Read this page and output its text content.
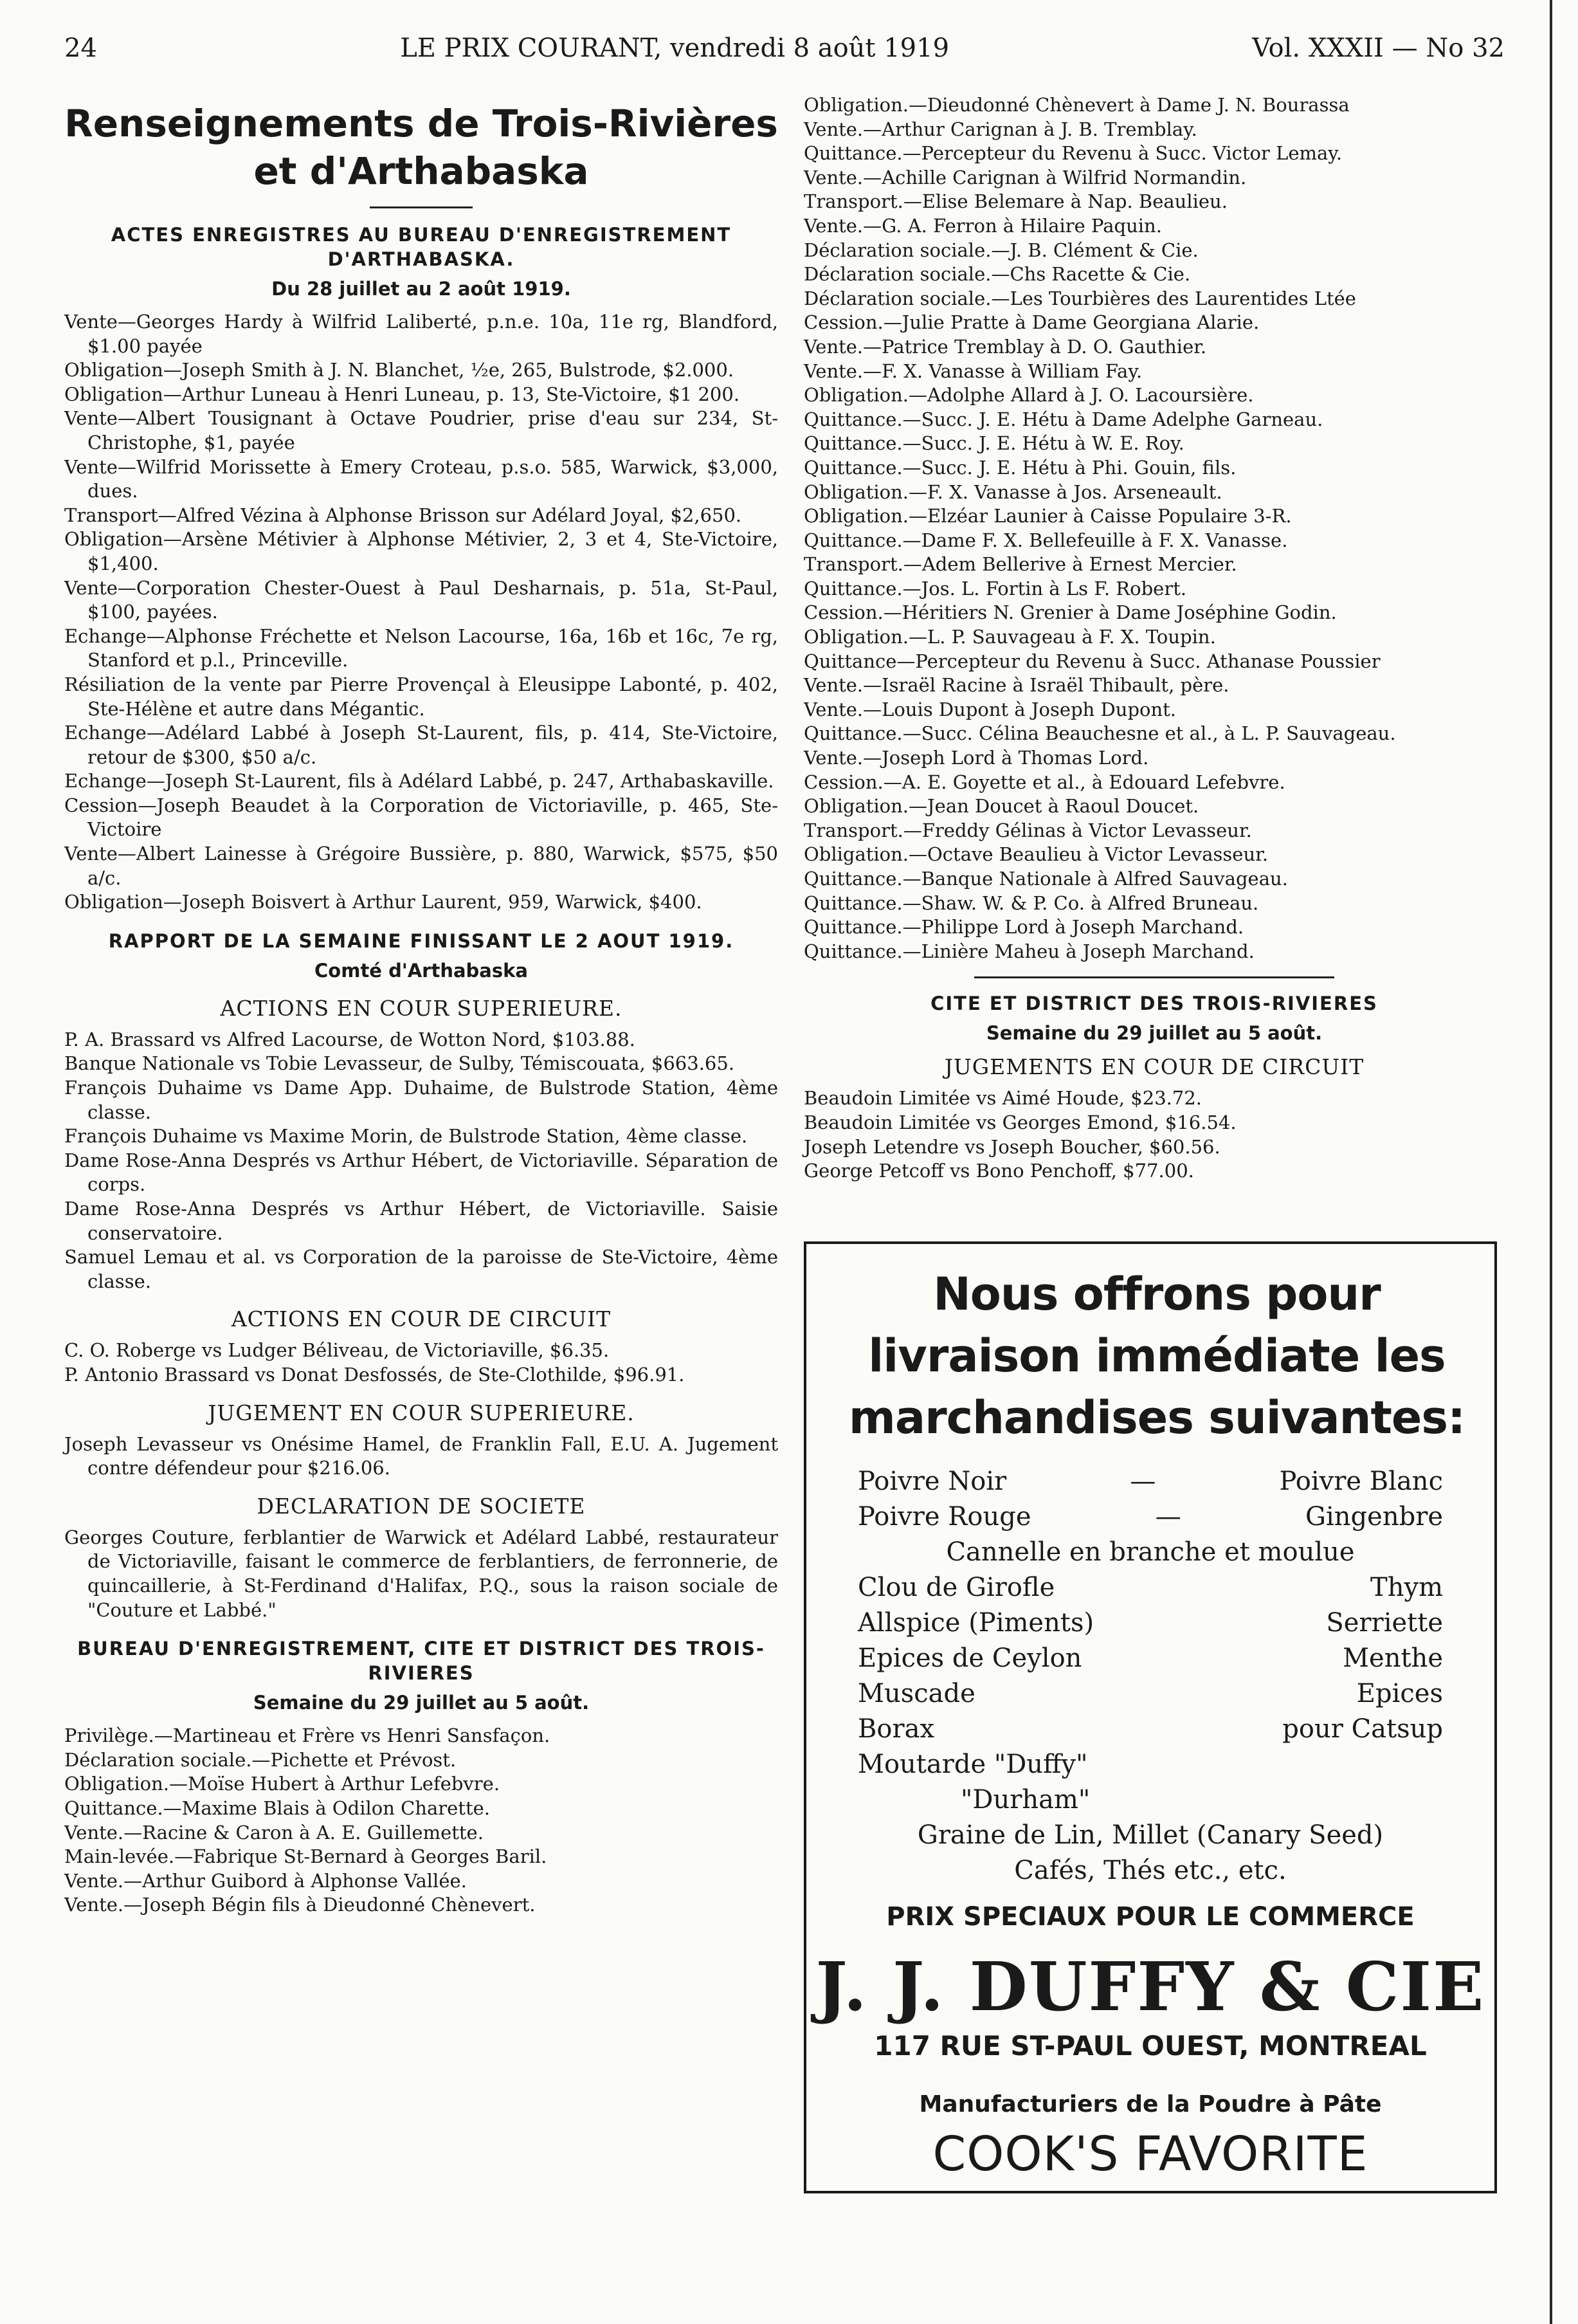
24	LE PRIX COURANT, vendredi 8 août 1919	Vol. XXXII — No 32
Renseignements de Trois-Rivières et d'Arthabaska
ACTES ENREGISTRES AU BUREAU D'ENREGISTREMENT D'ARTHABASKA.
Du 28 juillet au 2 août 1919.
Vente—Georges Hardy à Wilfrid Laliberté, p.n.e. 10a, 11e rg, Blandford, $1.00 payée
Obligation—Joseph Smith à J. N. Blanchet, ½e, 265, Bulstrode, $2.000.
Obligation—Arthur Luneau à Henri Luneau, p. 13, Ste-Victoire, $1 200.
Vente—Albert Tousignant à Octave Poudrier, prise d'eau sur 234, St-Christophe, $1, payée
Vente—Wilfrid Morissette à Emery Croteau, p.s.o. 585, Warwick, $3,000, dues.
Transport—Alfred Vézina à Alphonse Brisson sur Adélard Joyal, $2,650.
Obligation—Arsène Métivier à Alphonse Métivier, 2, 3 et 4, Ste-Victoire, $1,400.
Vente—Corporation Chester-Ouest à Paul Desharnais, p. 51a, St-Paul, $100, payées.
Echange—Alphonse Fréchette et Nelson Lacourse, 16a, 16b et 16c, 7e rg, Stanford et p.l., Princeville.
Résiliation de la vente par Pierre Provençal à Eleusippe Labonté, p. 402, Ste-Hélène et autre dans Mégantic.
Echange—Adélard Labbé à Joseph St-Laurent, fils, p. 414, Ste-Victoire, retour de $300, $50 a/c.
Echange—Joseph St-Laurent, fils à Adélard Labbé, p. 247, Arthabaskaville.
Cession—Joseph Beaudet à la Corporation de Victoriaville, p. 465, Ste-Victoire
Vente—Albert Lainesse à Grégoire Bussière, p. 880, Warwick, $575, $50 a/c.
Obligation—Joseph Boisvert à Arthur Laurent, 959, Warwick, $400.
RAPPORT DE LA SEMAINE FINISSANT LE 2 AOUT 1919.
Comté d'Arthabaska
ACTIONS EN COUR SUPERIEURE.
P. A. Brassard vs Alfred Lacourse, de Wotton Nord, $103.88.
Banque Nationale vs Tobie Levasseur, de Sulby, Témiscouata, $663.65.
François Duhaime vs Dame App. Duhaime, de Bulstrode Station, 4ème classe.
François Duhaime vs Maxime Morin, de Bulstrode Station, 4ème classe.
Dame Rose-Anna Després vs Arthur Hébert, de Victoriaville. Séparation de corps.
Dame Rose-Anna Després vs Arthur Hébert, de Victoriaville. Saisie conservatoire.
Samuel Lemau et al. vs Corporation de la paroisse de Ste-Victoire, 4ème classe.
ACTIONS EN COUR DE CIRCUIT
C. O. Roberge vs Ludger Béliveau, de Victoriaville, $6.35.
P. Antonio Brassard vs Donat Desfossés, de Ste-Clothilde, $96.91.
JUGEMENT EN COUR SUPERIEURE.
Joseph Levasseur vs Onésime Hamel, de Franklin Fall, E.U. A. Jugement contre défendeur pour $216.06.
DECLARATION DE SOCIETE
Georges Couture, ferblantier de Warwick et Adélard Labbé, restaurateur de Victoriaville, faisant le commerce de ferblantiers, de ferronnerie, de quincaillerie, à St-Ferdinand d'Halifax, P.Q., sous la raison sociale de "Couture et Labbé."
BUREAU D'ENREGISTREMENT, CITE ET DISTRICT DES TROIS-RIVIERES
Semaine du 29 juillet au 5 août.
Privilège.—Martineau et Frère vs Henri Sansfaçon.
Déclaration sociale.—Pichette et Prévost.
Obligation.—Moïse Hubert à Arthur Lefebvre.
Quittance.—Maxime Blais à Odilon Charette.
Vente.—Racine & Caron à A. E. Guillemette.
Main-levée.—Fabrique St-Bernard à Georges Baril.
Vente.—Arthur Guibord à Alphonse Vallée.
Vente.—Joseph Bégin fils à Dieudonné Chènevert.
Obligation.—Dieudonné Chènevert à Dame J. N. Bourassa
Vente.—Arthur Carignan à J. B. Tremblay.
Quittance.—Percepteur du Revenu à Succ. Victor Lemay.
Vente.—Achille Carignan à Wilfrid Normandin.
Transport.—Elise Belemare à Nap. Beaulieu.
Vente.—G. A. Ferron à Hilaire Paquin.
Déclaration sociale.—J. B. Clément & Cie.
Déclaration sociale.—Chs Racette & Cie.
Déclaration sociale.—Les Tourbières des Laurentides Ltée
Cession.—Julie Pratte à Dame Georgiana Alarie.
Vente.—Patrice Tremblay à D. O. Gauthier.
Vente.—F. X. Vanasse à William Fay.
Obligation.—Adolphe Allard à J. O. Lacoursière.
Quittance.—Succ. J. E. Hétu à Dame Adelphe Garneau.
Quittance.—Succ. J. E. Hétu à W. E. Roy.
Quittance.—Succ. J. E. Hétu à Phi. Gouin, fils.
Obligation.—F. X. Vanasse à Jos. Arseneault.
Obligation.—Elzéar Launier à Caisse Populaire 3-R.
Quittance.—Dame F. X. Bellefeuille à F. X. Vanasse.
Transport.—Adem Bellerive à Ernest Mercier.
Quittance.—Jos. L. Fortin à Ls F. Robert.
Cession.—Héritiers N. Grenier à Dame Joséphine Godin.
Obligation.—L. P. Sauvageau à F. X. Toupin.
Quittance—Percepteur du Revenu à Succ. Athanase Poussier
Vente.—Israël Racine à Israël Thibault, père.
Vente.—Louis Dupont à Joseph Dupont.
Quittance.—Succ. Célina Beauchesne et al., à L. P. Sauvageau.
Vente.—Joseph Lord à Thomas Lord.
Cession.—A. E. Goyette et al., à Edouard Lefebvre.
Obligation.—Jean Doucet à Raoul Doucet.
Transport.—Freddy Gélinas à Victor Levasseur.
Obligation.—Octave Beaulieu à Victor Levasseur.
Quittance.—Banque Nationale à Alfred Sauvageau.
Quittance.—Shaw. W. & P. Co. à Alfred Bruneau.
Quittance.—Philippe Lord à Joseph Marchand.
Quittance.—Linière Maheu à Joseph Marchand.
CITE ET DISTRICT DES TROIS-RIVIERES
Semaine du 29 juillet au 5 août.
JUGEMENTS EN COUR DE CIRCUIT
Beaudoin Limitée vs Aimé Houde, $23.72.
Beaudoin Limitée vs Georges Emond, $16.54.
Joseph Letendre vs Joseph Boucher, $60.56.
George Petcoff vs Bono Penchoff, $77.00.
Nous offrons pour livraison immédiate les marchandises suivantes:
Poivre Noir	—	Poivre Blanc
Poivre Rouge	—	Gingenbre
Cannelle en branche et moulue
Clou de Girofle	Thym
Allspice (Piments)	Serriette
Epices de Ceylon	Menthe
Muscade	Epices
Borax	pour Catsup
Moutarde "Duffy"
"Durham"
Graine de Lin, Millet (Canary Seed)
Cafés, Thés etc., etc.
PRIX SPECIAUX POUR LE COMMERCE
J. J. DUFFY & CIE
117 RUE ST-PAUL OUEST, MONTREAL
Manufacturiers de la Poudre à Pâte
COOK'S FAVORITE
